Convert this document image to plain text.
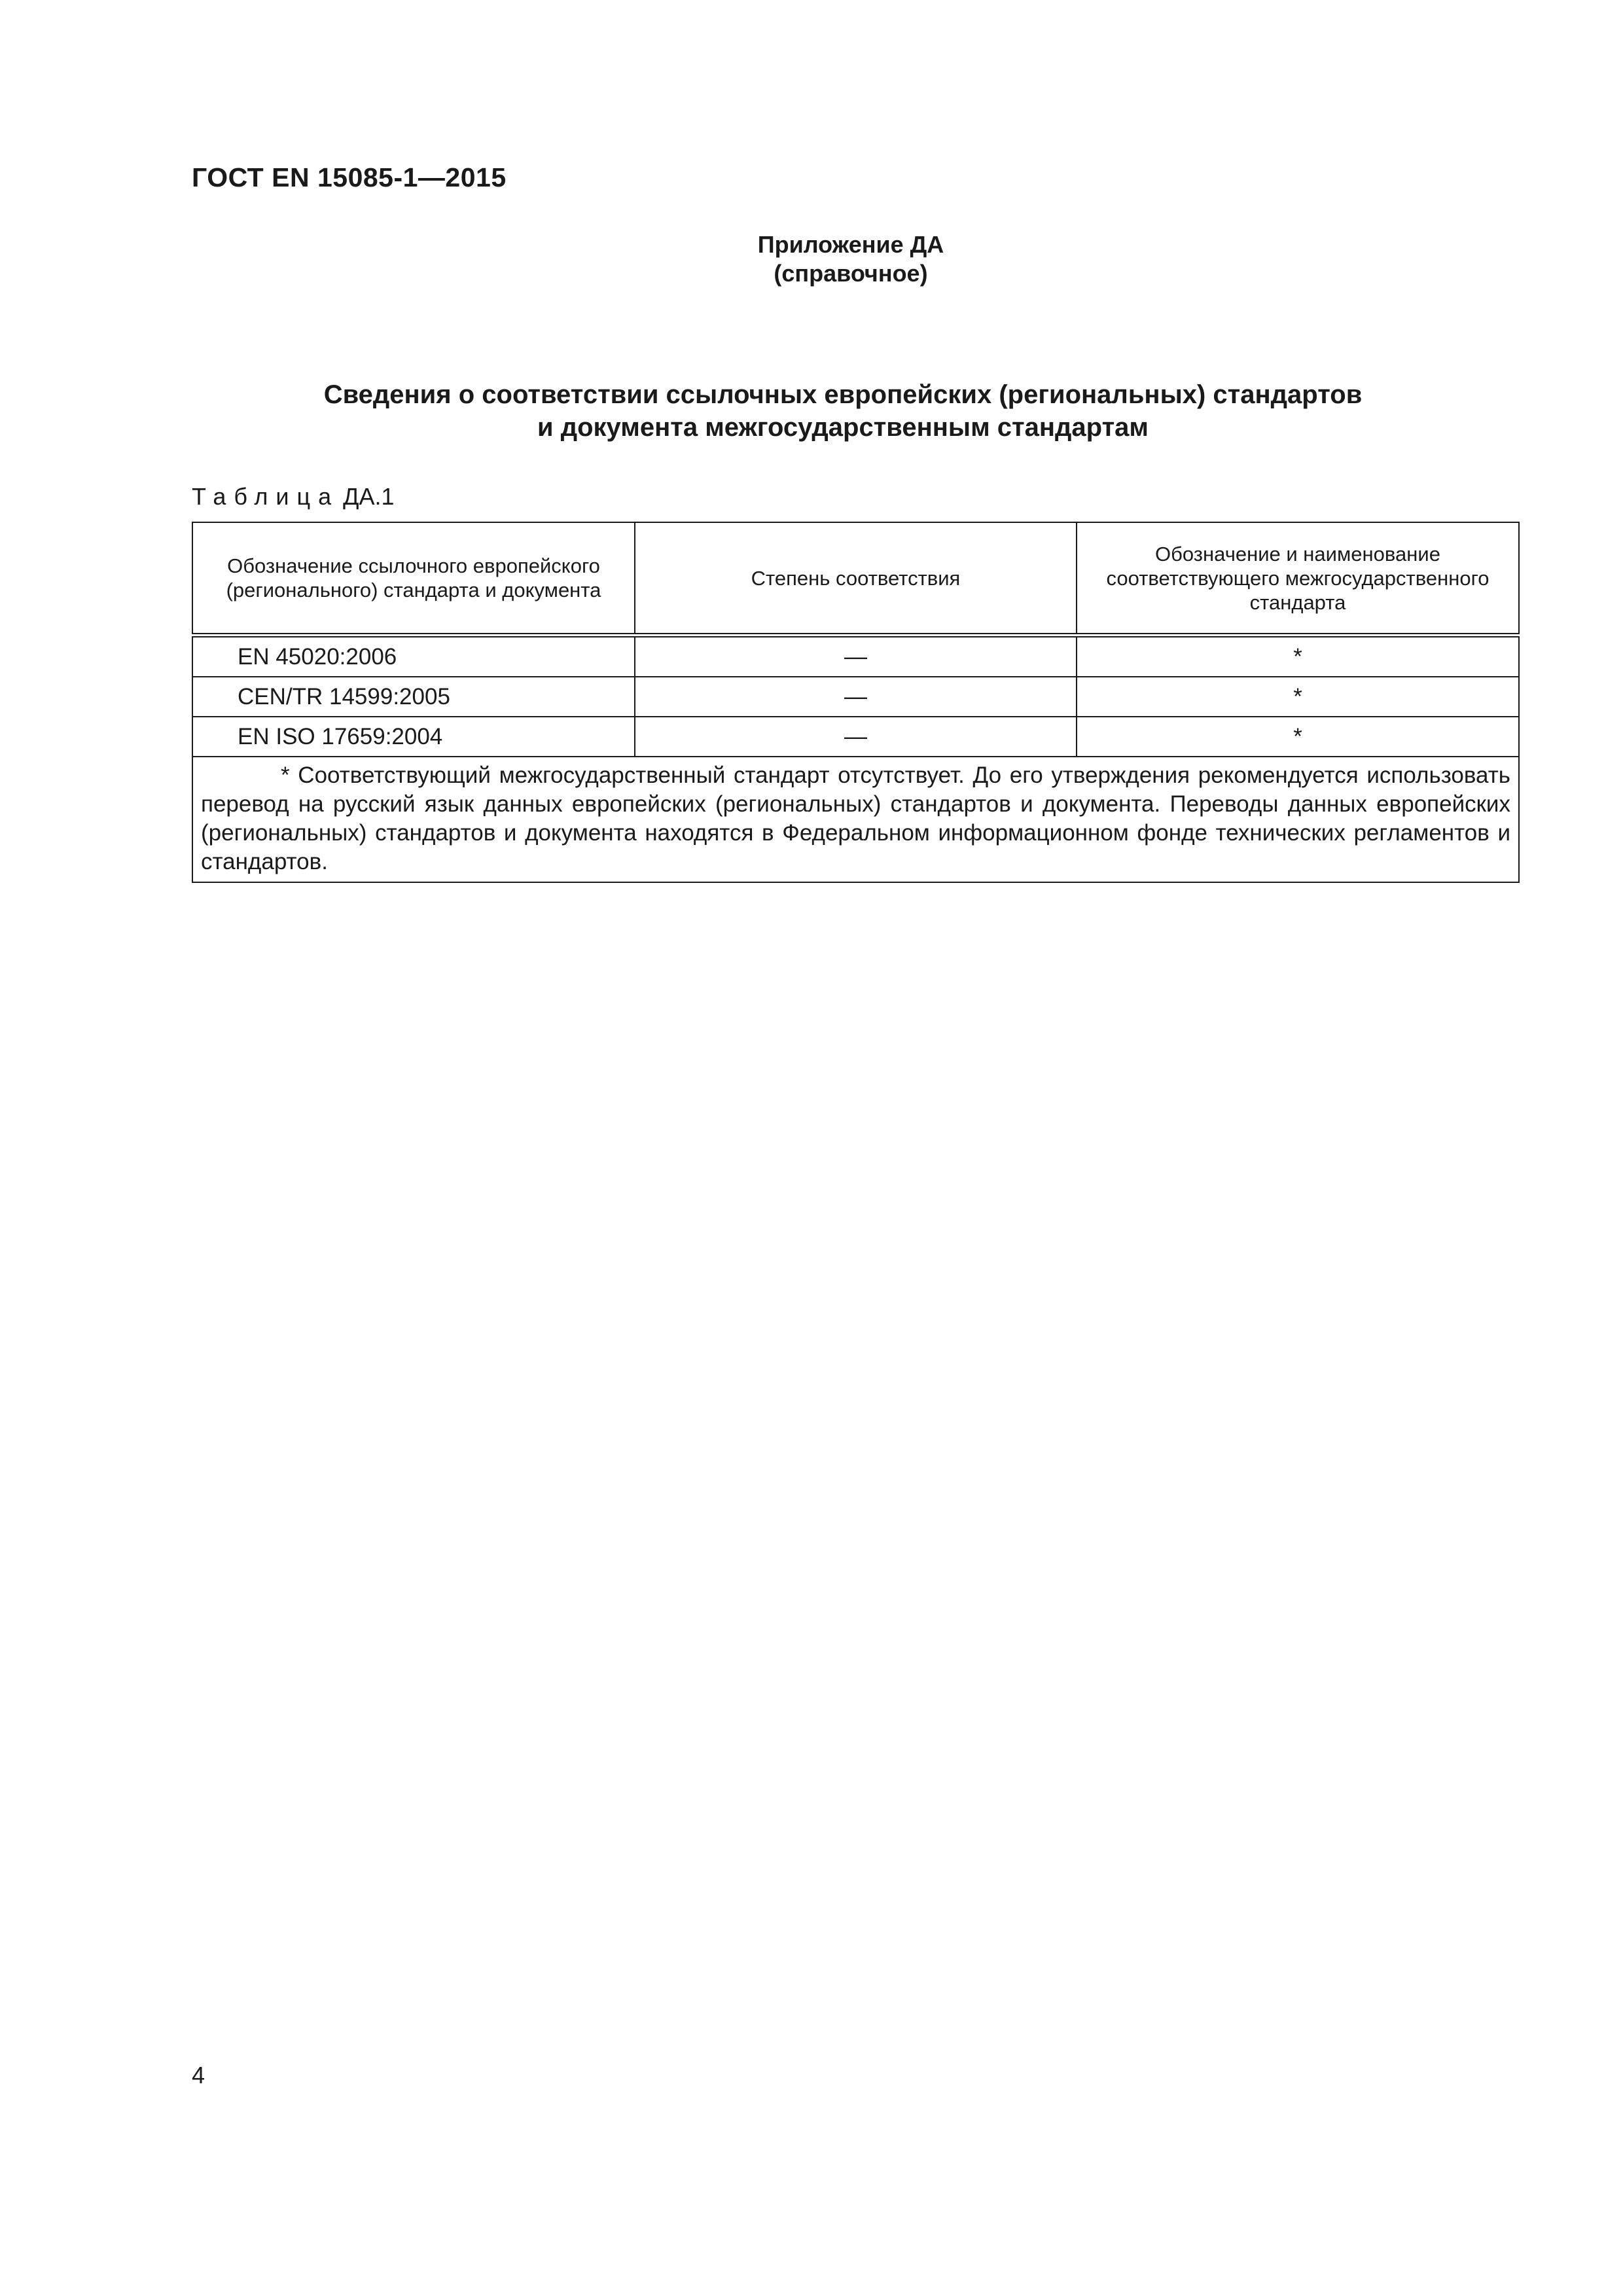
ГОСТ EN 15085-1—2015
Приложение ДА
(справочное)
Сведения о соответствии ссылочных европейских (региональных) стандартов
и документа межгосударственным стандартам
Таблица ДА.1
Обозначение ссылочного европейского (регионального) стандарта и документа	Степень соответствия	Обозначение и наименование соответствующего межгосударственного стандарта
EN 45020:2006	—	*
CEN/TR 14599:2005	—	*
EN ISO 17659:2004	—	*
* Соответствующий межгосударственный стандарт отсутствует. До его утверждения рекомендуется использовать перевод на русский язык данных европейских (региональных) стандартов и документа. Переводы данных европейских (региональных) стандартов и документа находятся в Федеральном информационном фонде технических регламентов и стандартов.		
4
